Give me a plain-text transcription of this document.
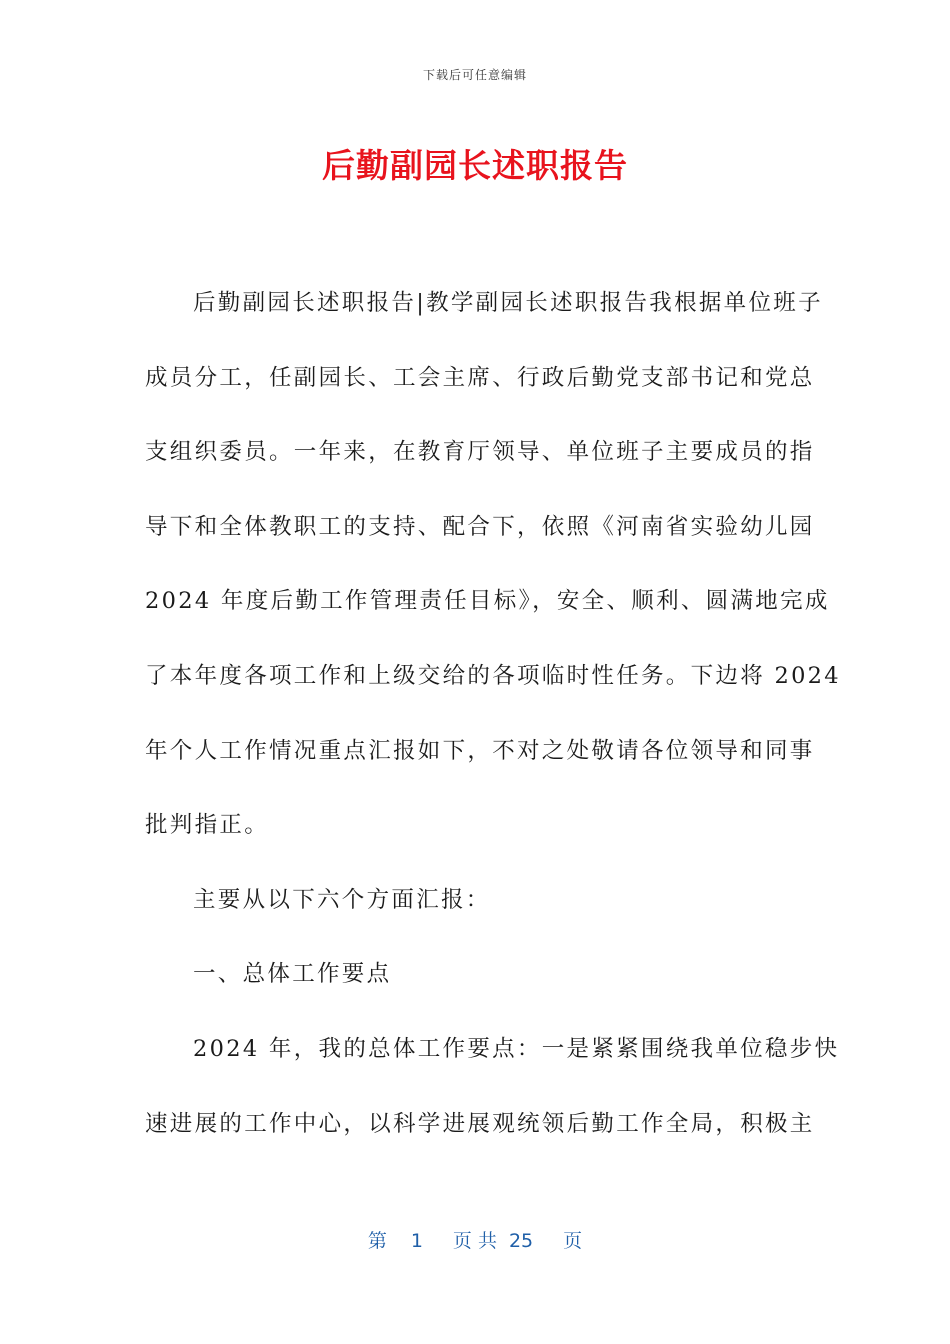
下载后可任意编辑
后勤副园长述职报告

后勤副园长述职报告|教学副园长述职报告我根据单位班子
成员分工，任副园长、工会主席、行政后勤党支部书记和党总
支组织委员。一年来，在教育厅领导、单位班子主要成员的指
导下和全体教职工的支持、配合下，依照《河南省实验幼儿园
2024 年度后勤工作管理责任目标》，安全、顺利、圆满地完成
了本年度各项工作和上级交给的各项临时性任务。下边将 2024
年个人工作情况重点汇报如下，不对之处敬请各位领导和同事
批判指正。

主要从以下六个方面汇报：

一、总体工作要点

2024 年，我的总体工作要点：一是紧紧围绕我单位稳步快
速进展的工作中心，以科学进展观统领后勤工作全局，积极主

第 1 页 共 25 页
